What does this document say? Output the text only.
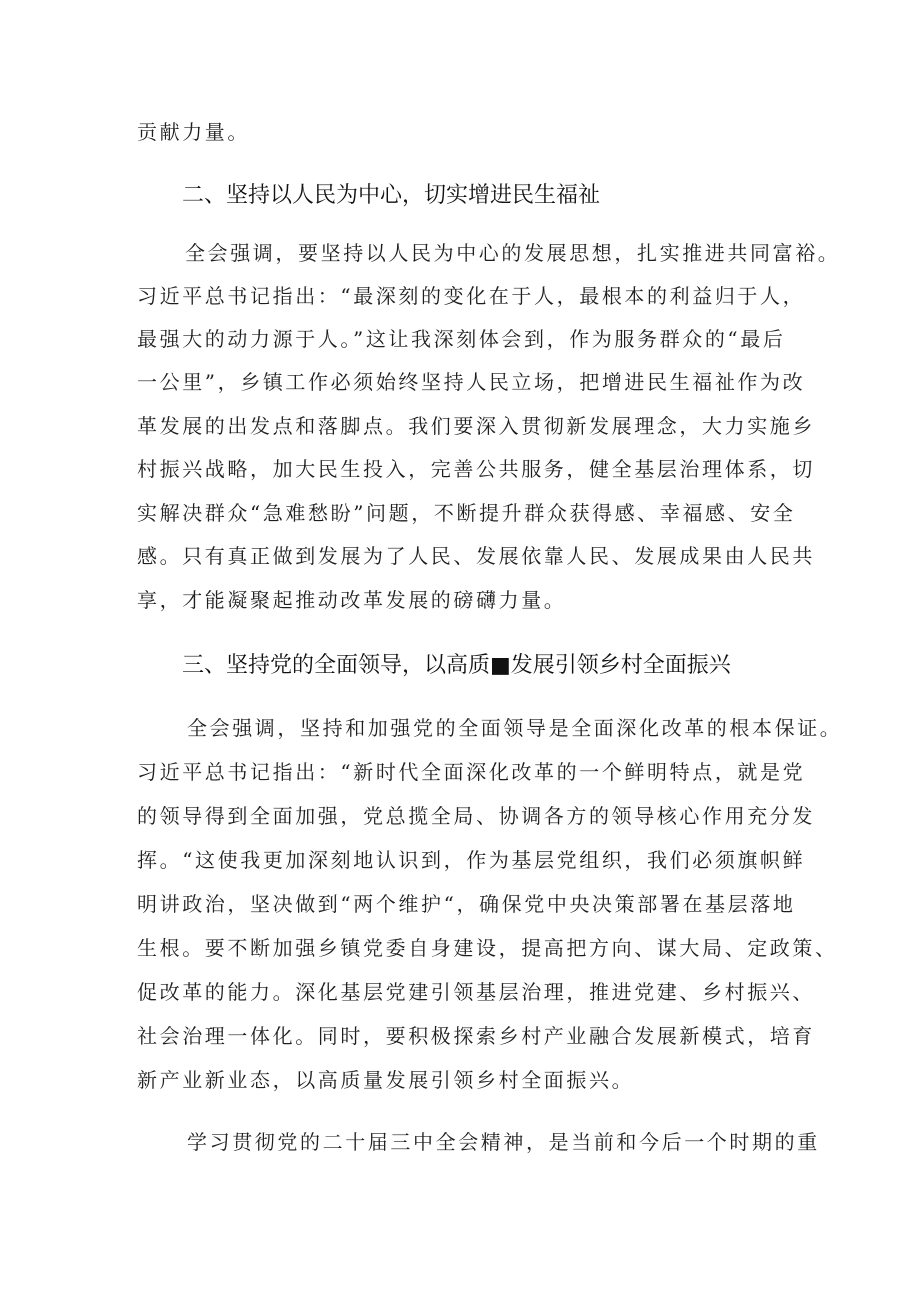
贡献力量。

二、坚持以人民为中心，切实增进民生福祉

全会强调，要坚持以人民为中心的发展思想，扎实推进共同富裕。

习近平总书记指出：“最深刻的变化在于人，最根本的利益归于人，

最强大的动力源于人。”这让我深刻体会到，作为服务群众的“最后

一公里”，乡镇工作必须始终坚持人民立场，把增进民生福祉作为改

革发展的出发点和落脚点。我们要深入贯彻新发展理念，大力实施乡

村振兴战略，加大民生投入，完善公共服务，健全基层治理体系，切

实解决群众“急难愁盼”问题，不断提升群众获得感、幸福感、安全

感。只有真正做到发展为了人民、发展依靠人民、发展成果由人民共

享，才能凝聚起推动改革发展的磅礴力量。

三、坚持党的全面领导，以高质■发展引领乡村全面振兴

全会强调，坚持和加强党的全面领导是全面深化改革的根本保证。

习近平总书记指出：“新时代全面深化改革的一个鲜明特点，就是党

的领导得到全面加强，党总揽全局、协调各方的领导核心作用充分发

挥。“这使我更加深刻地认识到，作为基层党组织，我们必须旗帜鲜

明讲政治，坚决做到“两个维护“，确保党中央决策部署在基层落地

生根。要不断加强乡镇党委自身建设，提高把方向、谋大局、定政策、

促改革的能力。深化基层党建引领基层治理，推进党建、乡村振兴、

社会治理一体化。同时，要积极探索乡村产业融合发展新模式，培育

新产业新业态，以高质量发展引领乡村全面振兴。

学习贯彻党的二十届三中全会精神，是当前和今后一个时期的重
